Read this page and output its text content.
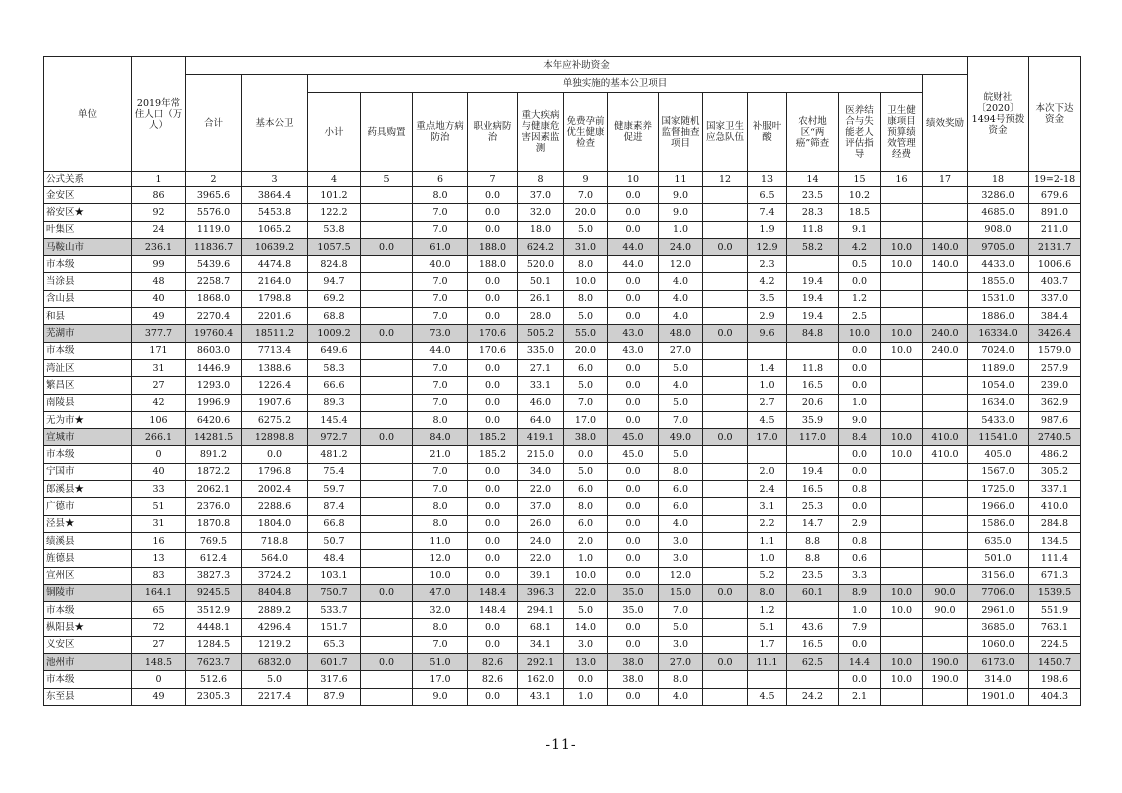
单位	2019年常住人口（万人）	本年应补助资金																皖财社〔2020〕1494号预拨资金	本次下达资金
		合计	基本公卫	单独实施的基本公卫项目													绩效奖励		
				小计	药具购置	重点地方病防治	职业病防治	重大疾病与健康危害因素监测	免费孕前优生健康检查	健康素养促进	国家随机监督抽查项目	国家卫生应急队伍	补服叶酸	农村地区“两癌”筛查	医养结合与失能老人评估指导	卫生健康项目预算绩效管理经费			
公式关系	1	2	3	4	5	6	7	8	9	10	11	12	13	14	15	16	17	18	19=2-18
金安区	86	3965.6	3864.4	101.2		8.0	0.0	37.0	7.0	0.0	9.0		6.5	23.5	10.2			3286.0	679.6
裕安区★	92	5576.0	5453.8	122.2		7.0	0.0	32.0	20.0	0.0	9.0		7.4	28.3	18.5			4685.0	891.0
叶集区	24	1119.0	1065.2	53.8		7.0	0.0	18.0	5.0	0.0	1.0		1.9	11.8	9.1			908.0	211.0
马鞍山市	236.1	11836.7	10639.2	1057.5	0.0	61.0	188.0	624.2	31.0	44.0	24.0	0.0	12.9	58.2	4.2	10.0	140.0	9705.0	2131.7
市本级	99	5439.6	4474.8	824.8		40.0	188.0	520.0	8.0	44.0	12.0		2.3		0.5	10.0	140.0	4433.0	1006.6
当涂县	48	2258.7	2164.0	94.7		7.0	0.0	50.1	10.0	0.0	4.0		4.2	19.4	0.0			1855.0	403.7
含山县	40	1868.0	1798.8	69.2		7.0	0.0	26.1	8.0	0.0	4.0		3.5	19.4	1.2			1531.0	337.0
和县	49	2270.4	2201.6	68.8		7.0	0.0	28.0	5.0	0.0	4.0		2.9	19.4	2.5			1886.0	384.4
芜湖市	377.7	19760.4	18511.2	1009.2	0.0	73.0	170.6	505.2	55.0	43.0	48.0	0.0	9.6	84.8	10.0	10.0	240.0	16334.0	3426.4
市本级	171	8603.0	7713.4	649.6		44.0	170.6	335.0	20.0	43.0	27.0				0.0	10.0	240.0	7024.0	1579.0
湾沚区	31	1446.9	1388.6	58.3		7.0	0.0	27.1	6.0	0.0	5.0		1.4	11.8	0.0			1189.0	257.9
繁昌区	27	1293.0	1226.4	66.6		7.0	0.0	33.1	5.0	0.0	4.0		1.0	16.5	0.0			1054.0	239.0
南陵县	42	1996.9	1907.6	89.3		7.0	0.0	46.0	7.0	0.0	5.0		2.7	20.6	1.0			1634.0	362.9
无为市★	106	6420.6	6275.2	145.4		8.0	0.0	64.0	17.0	0.0	7.0		4.5	35.9	9.0			5433.0	987.6
宣城市	266.1	14281.5	12898.8	972.7	0.0	84.0	185.2	419.1	38.0	45.0	49.0	0.0	17.0	117.0	8.4	10.0	410.0	11541.0	2740.5
市本级	0	891.2	0.0	481.2		21.0	185.2	215.0	0.0	45.0	5.0				0.0	10.0	410.0	405.0	486.2
宁国市	40	1872.2	1796.8	75.4		7.0	0.0	34.0	5.0	0.0	8.0		2.0	19.4	0.0			1567.0	305.2
郎溪县★	33	2062.1	2002.4	59.7		7.0	0.0	22.0	6.0	0.0	6.0		2.4	16.5	0.8			1725.0	337.1
广德市	51	2376.0	2288.6	87.4		8.0	0.0	37.0	8.0	0.0	6.0		3.1	25.3	0.0			1966.0	410.0
泾县★	31	1870.8	1804.0	66.8		8.0	0.0	26.0	6.0	0.0	4.0		2.2	14.7	2.9			1586.0	284.8
绩溪县	16	769.5	718.8	50.7		11.0	0.0	24.0	2.0	0.0	3.0		1.1	8.8	0.8			635.0	134.5
旌德县	13	612.4	564.0	48.4		12.0	0.0	22.0	1.0	0.0	3.0		1.0	8.8	0.6			501.0	111.4
宣州区	83	3827.3	3724.2	103.1		10.0	0.0	39.1	10.0	0.0	12.0		5.2	23.5	3.3			3156.0	671.3
铜陵市	164.1	9245.5	8404.8	750.7	0.0	47.0	148.4	396.3	22.0	35.0	15.0	0.0	8.0	60.1	8.9	10.0	90.0	7706.0	1539.5
市本级	65	3512.9	2889.2	533.7		32.0	148.4	294.1	5.0	35.0	7.0		1.2		1.0	10.0	90.0	2961.0	551.9
枞阳县★	72	4448.1	4296.4	151.7		8.0	0.0	68.1	14.0	0.0	5.0		5.1	43.6	7.9			3685.0	763.1
义安区	27	1284.5	1219.2	65.3		7.0	0.0	34.1	3.0	0.0	3.0		1.7	16.5	0.0			1060.0	224.5
池州市	148.5	7623.7	6832.0	601.7	0.0	51.0	82.6	292.1	13.0	38.0	27.0	0.0	11.1	62.5	14.4	10.0	190.0	6173.0	1450.7
市本级	0	512.6	5.0	317.6		17.0	82.6	162.0	0.0	38.0	8.0				0.0	10.0	190.0	314.0	198.6
东至县	49	2305.3	2217.4	87.9		9.0	0.0	43.1	1.0	0.0	4.0		4.5	24.2	2.1			1901.0	404.3
-11-
